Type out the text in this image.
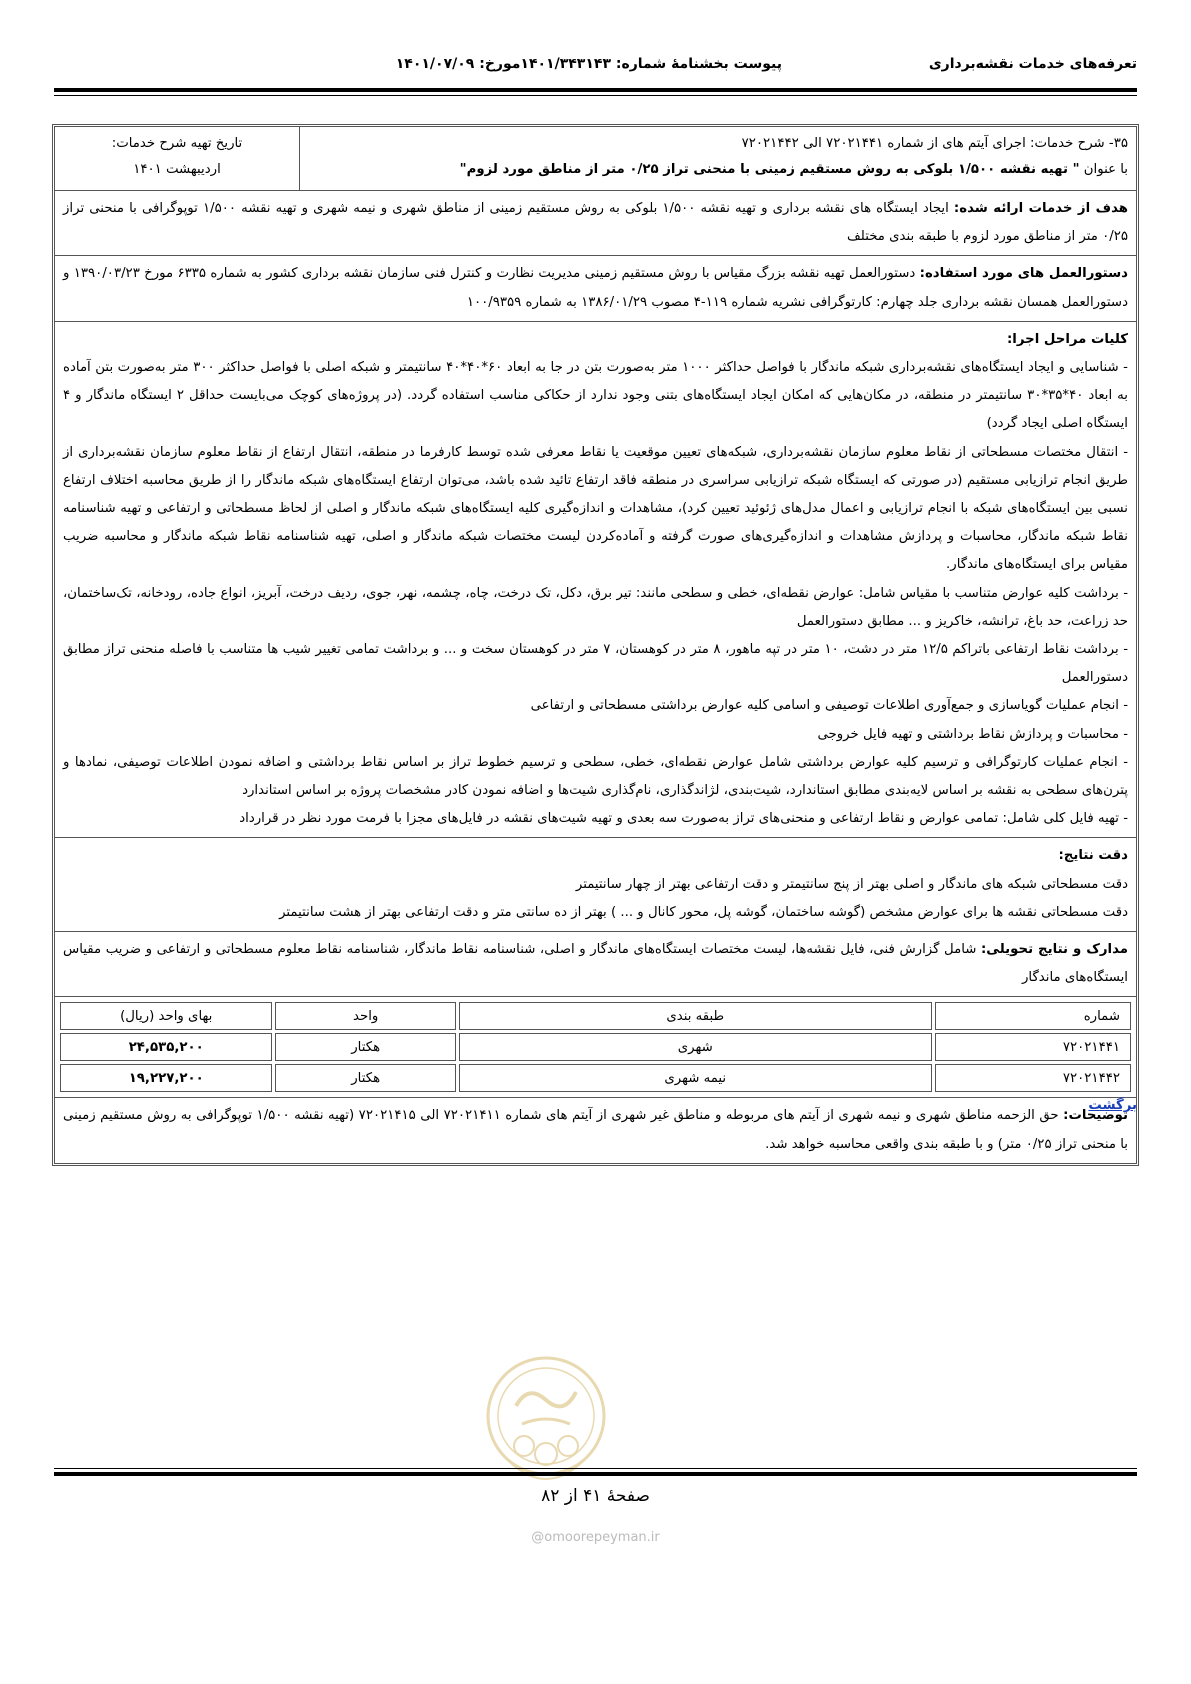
تعرفه‌های خدمات نقشه‌برداری
پیوست بخشنامهٔ شماره: ۱۴۰۱/۳۴۳۱۴۳مورخ: ۱۴۰۱/۰۷/۰۹
۳۵- شرح خدمات: اجرای آیتم های از شماره ۷۲۰۲۱۴۴۱ الی ۷۲۰۲۱۴۴۲
با عنوان " تهیه نقشه ۱/۵۰۰ بلوکی به روش مستقیم زمینی با منحنی تراز ۰/۲۵ متر از مناطق مورد لزوم"
تاریخ تهیه شرح خدمات:
اردیبهشت ۱۴۰۱
هدف از خدمات ارائه شده: ایجاد ایستگاه های نقشه برداری و تهیه نقشه ۱/۵۰۰ بلوکی به روش مستقیم زمینی از مناطق شهری و نیمه شهری و تهیه نقشه ۱/۵۰۰ توپوگرافی با منحنی تراز ۰/۲۵ متر از مناطق مورد لزوم با طبقه بندی مختلف
دستورالعمل های مورد استفاده: دستورالعمل تهیه نقشه بزرگ مقیاس با روش مستقیم زمینی مدیریت نظارت و کنترل فنی سازمان نقشه برداری کشور به شماره ۶۳۳۵ مورخ ۱۳۹۰/۰۳/۲۳ و دستورالعمل همسان نقشه برداری جلد چهارم: کارتوگرافی نشریه شماره ۱۱۹-۴ مصوب ۱۳۸۶/۰۱/۲۹ به شماره ۱۰۰/۹۳۵۹
کلیات مراحل اجرا:
- شناسایی و ایجاد ایستگاه‌های نقشه‌برداری شبکه ماندگار با فواصل حداکثر ۱۰۰۰ متر به‌صورت بتن در جا به ابعاد ۶۰*۴۰*۴۰ سانتیمتر و شبکه اصلی با فواصل حداکثر ۳۰۰ متر به‌صورت بتن آماده به ابعاد ۴۰*۳۵*۳۰ سانتیمتر در منطقه، در مکان‌هایی که امکان ایجاد ایستگاه‌های بتنی وجود ندارد از حکاکی مناسب استفاده گردد. (در پروژه‌های کوچک می‌بایست حداقل ۲ ایستگاه ماندگار و ۴ ایستگاه اصلی ایجاد گردد)
- انتقال مختصات مسطحاتی از نقاط معلوم سازمان نقشه‌برداری، شبکه‌های تعیین موقعیت یا نقاط معرفی شده توسط کارفرما در منطقه، انتقال ارتفاع از نقاط معلوم سازمان نقشه‌برداری از طریق انجام ترازیابی مستقیم (در صورتی که ایستگاه شبکه ترازیابی سراسری در منطقه فاقد ارتفاع تائید شده باشد، می‌توان ارتفاع ایستگاه‌های شبکه ماندگار را از طریق محاسبه اختلاف ارتفاع نسبی بین ایستگاه‌های شبکه با انجام ترازیابی و اعمال مدل‌های ژئوئید تعیین کرد)، مشاهدات و اندازه‌گیری کلیه ایستگاه‌های شبکه ماندگار و اصلی از لحاظ مسطحاتی و ارتفاعی و تهیه شناسنامه نقاط شبکه ماندگار، محاسبات و پردازش مشاهدات و اندازه‌گیری‌های صورت گرفته و آماده‌کردن لیست مختصات شبکه ماندگار و اصلی، تهیه شناسنامه نقاط شبکه ماندگار و محاسبه ضریب مقیاس برای ایستگاه‌های ماندگار.
- برداشت کلیه عوارض متناسب با مقیاس شامل: عوارض نقطه‌ای، خطی و سطحی مانند: تیر برق، دکل، تک درخت، چاه، چشمه، نهر، جوی، ردیف درخت، آبریز، انواع جاده، رودخانه، تک‌ساختمان، حد زراعت، حد باغ، ترانشه، خاکریز و ... مطابق دستورالعمل
- برداشت نقاط ارتفاعی باتراکم ۱۲/۵ متر در دشت، ۱۰ متر در تپه ماهور، ۸ متر در کوهستان، ۷ متر در کوهستان سخت و ... و برداشت تمامی تغییر شیب ها متناسب با فاصله منحنی تراز مطابق دستورالعمل
- انجام عملیات گویاسازی و جمع‌آوری اطلاعات توصیفی و اسامی کلیه عوارض برداشتی مسطحاتی و ارتفاعی
- محاسبات و پردازش نقاط برداشتی و تهیه فایل خروجی
- انجام عملیات کارتوگرافی و ترسیم کلیه عوارض برداشتی شامل عوارض نقطه‌ای، خطی، سطحی و ترسیم خطوط تراز بر اساس نقاط برداشتی و اضافه نمودن اطلاعات توصیفی، نمادها و پترن‌های سطحی به نقشه بر اساس لایه‌بندی مطابق استاندارد، شیت‌بندی، لژاندگذاری، نام‌گذاری شیت‌ها و اضافه نمودن کادر مشخصات پروژه بر اساس استاندارد
- تهیه فایل کلی شامل: تمامی عوارض و نقاط ارتفاعی و منحنی‌های تراز به‌صورت سه بعدی و تهیه شیت‌های نقشه در فایل‌های مجزا با فرمت مورد نظر در قرارداد
دقت نتایج:
دقت مسطحاتی شبکه های ماندگار و اصلی بهتر از پنج سانتیمتر و دقت ارتفاعی بهتر از چهار سانتیمتر
دقت مسطحاتی نقشه ها برای عوارض مشخص (گوشه ساختمان، گوشه پل، محور کانال و ... ) بهتر از ده سانتی متر و دقت ارتفاعی بهتر از هشت سانتیمتر
مدارک و نتایج تحویلی: شامل گزارش فنی، فایل نقشه‌ها، لیست مختصات ایستگاه‌های ماندگار و اصلی، شناسنامه نقاط ماندگار، شناسنامه نقاط معلوم مسطحاتی و ارتفاعی و ضریب مقیاس ایستگاه‌های ماندگار
شماره	طبقه بندی	واحد	بهای واحد (ریال)
۷۲۰۲۱۴۴۱	شهری	هکتار	۲۴,۵۳۵,۲۰۰
۷۲۰۲۱۴۴۲	نیمه شهری	هکتار	۱۹,۲۲۷,۲۰۰
توضیحات: حق الزحمه مناطق شهری و نیمه شهری از آیتم های مربوطه و مناطق غیر شهری از آیتم های شماره ۷۲۰۲۱۴۱۱ الی ۷۲۰۲۱۴۱۵ (تهیه نقشه ۱/۵۰۰ توپوگرافی به روش مستقیم زمینی با منحنی تراز ۰/۲۵ متر) و با طبقه بندی واقعی محاسبه خواهد شد.
برگشت
صفحهٔ ۴۱ از ۸۲
@omoorepeyman.ir
